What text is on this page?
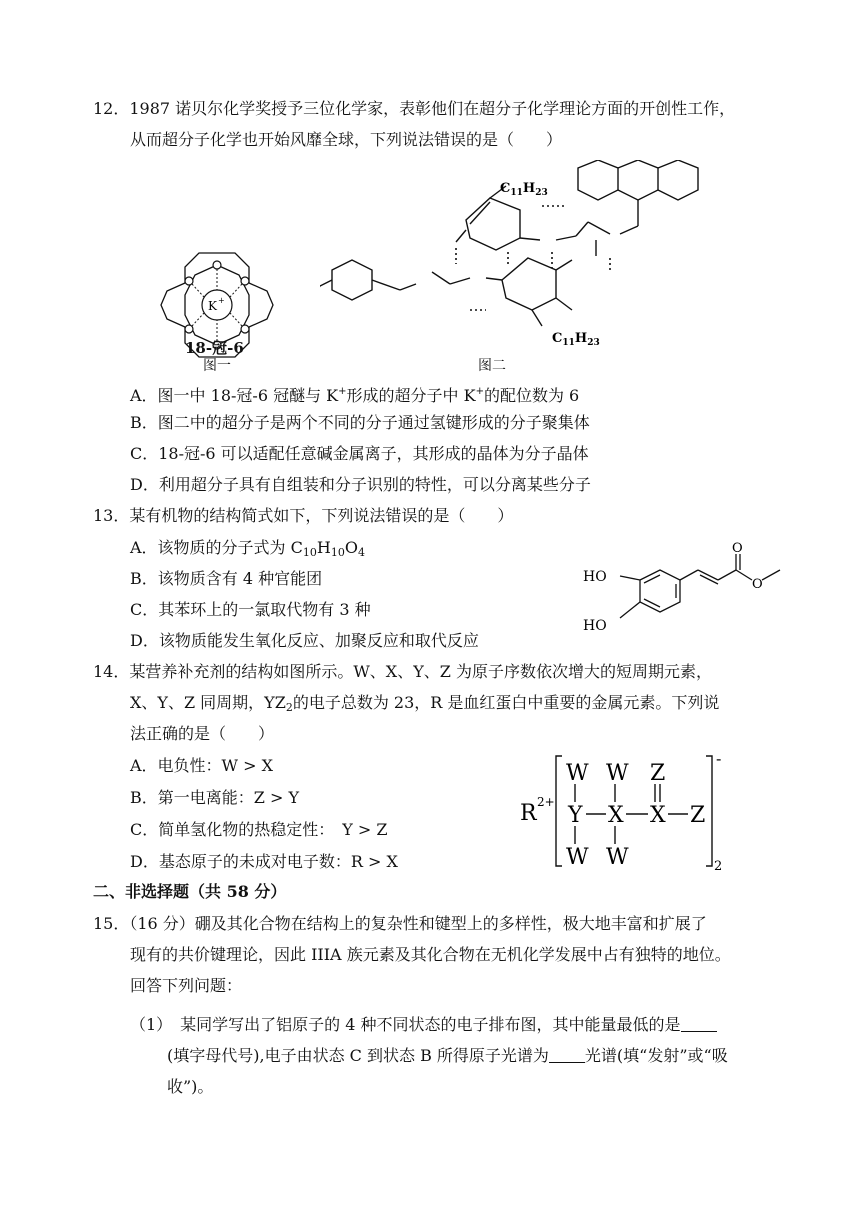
12．1987 诺贝尔化学奖授予三位化学家，表彰他们在超分子化学理论方面的开创性工作，
从而超分子化学也开始风靡全球，下列说法错误的是（　　）
K +
18-冠-6
图一
$C_{11}H_{23}$
$C_{11}H_{23}$
图二
A．图一中 18-冠-6 冠醚与 K+形成的超分子中 K+的配位数为 6
B．图二中的超分子是两个不同的分子通过氢键形成的分子聚集体
C．18-冠-6 可以适配任意碱金属离子，其形成的晶体为分子晶体
D．利用超分子具有自组装和分子识别的特性，可以分离某些分子
13．某有机物的结构简式如下，下列说法错误的是（　　）
A．该物质的分子式为 $C_{10}H_{10}O_4$
B．该物质含有 4 种官能团
C．其苯环上的一氯取代物有 3 种
D．该物质能发生氧化反应、加聚反应和取代反应
HO
HO
O
O
14．某营养补充剂的结构如图所示。W、X、Y、Z 为原子序数依次增大的短周期元素，
X、Y、Z 同周期，$YZ_2$的电子总数为 23，R 是血红蛋白中重要的金属元素。下列说
法正确的是（　　）
A．电负性：W > X
B．第一电离能：Z > Y
C．简单氢化物的热稳定性：　Y > Z
D．基态原子的未成对电子数：R > X
R 2+
W W Z
Y X X Z
W W
-
2
二、非选择题（共 58 分）
15．（16 分）硼及其化合物在结构上的复杂性和键型上的多样性，极大地丰富和扩展了
现有的共价键理论，因此 IIIA 族元素及其化合物在无机化学发展中占有独特的地位。
回答下列问题：
（1）　某同学写出了铝原子的 4 种不同状态的电子排布图，其中能量最低的是
(填字母代号),电子由状态 C 到状态 B 所得原子光谱为 光谱(填“发射”或“吸
收”)。
